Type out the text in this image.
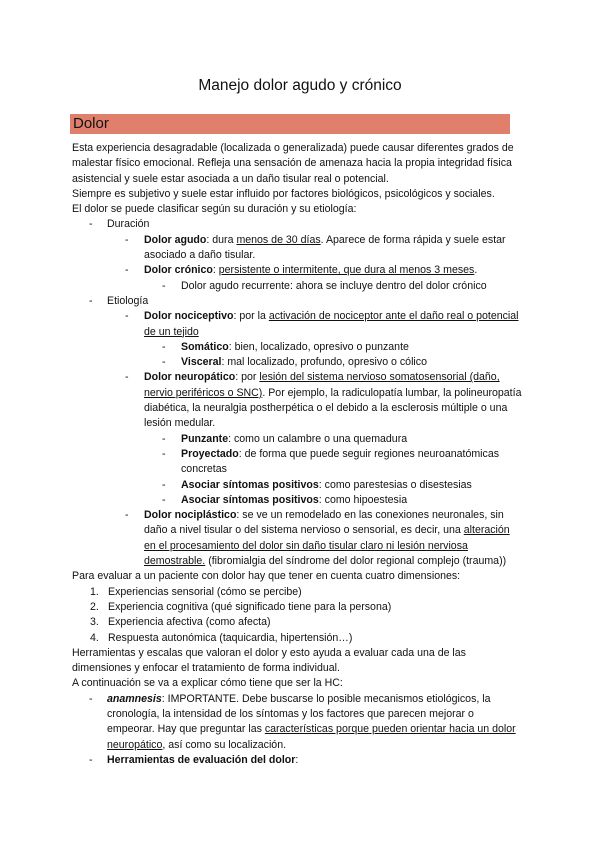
Manejo dolor agudo y crónico
Dolor

Esta experiencia desagradable (localizada o generalizada) puede causar diferentes grados de malestar físico emocional. Refleja una sensación de amenaza hacia la propia integridad física asistencial y suele estar asociada a un daño tisular real o potencial.

Siempre es subjetivo y suele estar influido por factores biológicos, psicológicos y sociales.

El dolor se puede clasificar según su duración y su etiología:

-	Duración
-	Dolor agudo: dura menos de 30 días. Aparece de forma rápida y suele estar asociado a daño tisular.
-	Dolor crónico: persistente o intermitente, que dura al menos 3 meses.
-	Dolor agudo recurrente: ahora se incluye dentro del dolor crónico
-	Etiología
-	Dolor nociceptivo: por la activación de nociceptor ante el daño real o potencial de un tejido
-	Somático: bien, localizado, opresivo o punzante
-	Visceral: mal localizado, profundo, opresivo o cólico
-	Dolor neuropático: por lesión del sistema nervioso somatosensorial (daño, nervio periféricos o SNC). Por ejemplo, la radiculopatía lumbar, la polineuropatía diabética, la neuralgia postherpética o el debido a la esclerosis múltiple o una lesión medular.
-	Punzante: como un calambre o una quemadura
-	Proyectado: de forma que puede seguir regiones neuroanatómicas concretas
-	Asociar síntomas positivos: como parestesias o disestesias
-	Asociar síntomas positivos: como hipoestesia
-	Dolor nociplástico: se ve un remodelado en las conexiones neuronales, sin daño a nivel tisular o del sistema nervioso o sensorial, es decir, una alteración en el procesamiento del dolor sin daño tisular claro ni lesión nerviosa demostrable. (fibromialgia del síndrome del dolor regional complejo (trauma))

Para evaluar a un paciente con dolor hay que tener en cuenta cuatro dimensiones:

1. Experiencias sensorial (cómo se percibe)
2. Experiencia cognitiva (qué significado tiene para la persona)
3. Experiencia afectiva (como afecta)
4. Respuesta autonómica (taquicardia, hipertensión…)

Herramientas y escalas que valoran el dolor y esto ayuda a evaluar cada una de las dimensiones y enfocar el tratamiento de forma individual.

A continuación se va a explicar cómo tiene que ser la HC:

-	anamnesis: IMPORTANTE. Debe buscarse lo posible mecanismos etiológicos, la cronología, la intensidad de los síntomas y los factores que parecen mejorar o empeorar. Hay que preguntar las características porque pueden orientar hacia un dolor neuropático, así como su localización.
-	Herramientas de evaluación del dolor:
